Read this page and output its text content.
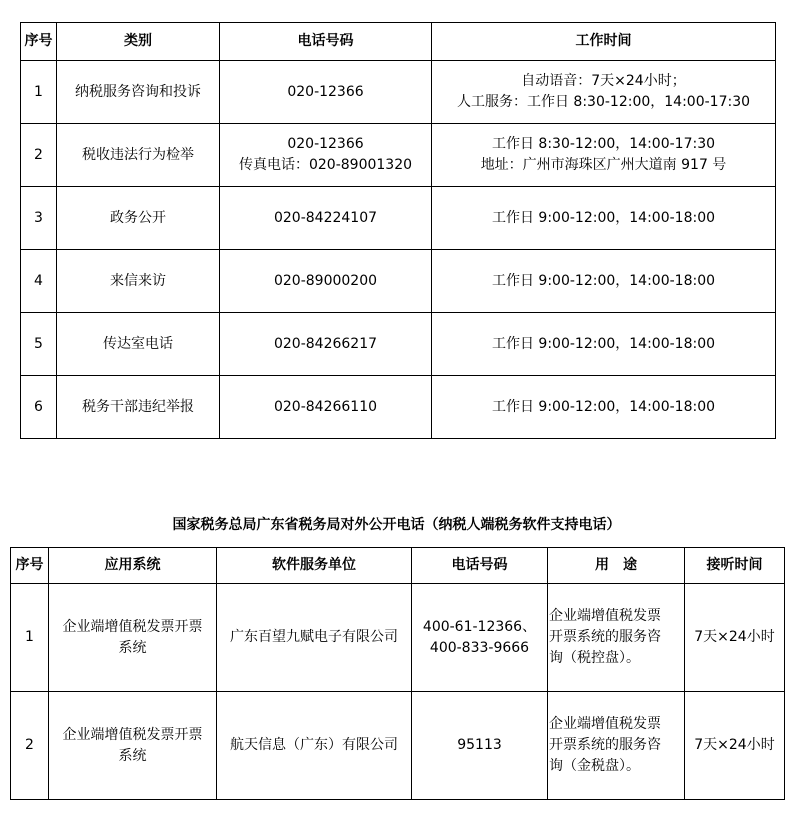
序号	类别	电话号码	工作时间
1	纳税服务咨询和投诉	020-12366	自动语音：7天×24小时；
人工服务：工作日 8:30-12:00，14:00-17:30

2	税收违法行为检举	020-12366
传真电话：020-89001320	工作日 8:30-12:00，14:00-17:30
地址：广州市海珠区广州大道南 917 号

3	政务公开	020-84224107	工作日 9:00-12:00，14:00-18:00
4	来信来访	020-89000200	工作日 9:00-12:00，14:00-18:00
5	传达室电话	020-84266217	工作日 9:00-12:00，14:00-18:00
6	税务干部违纪举报	020-84266110	工作日 9:00-12:00，14:00-18:00
国家税务总局广东省税务局对外公开电话（纳税人端税务软件支持电话）
序号	应用系统	软件服务单位	电话号码	用　途	接听时间
1	企业端增值税发票开票
系统	广东百望九赋电子有限公司	400-61-12366、
400-833-9666	企业端增值税发票
开票系统的服务咨
询（税控盘）。	7天×24小时
2	企业端增值税发票开票
系统	航天信息（广东）有限公司	95113	企业端增值税发票
开票系统的服务咨
询（金税盘）。	7天×24小时
